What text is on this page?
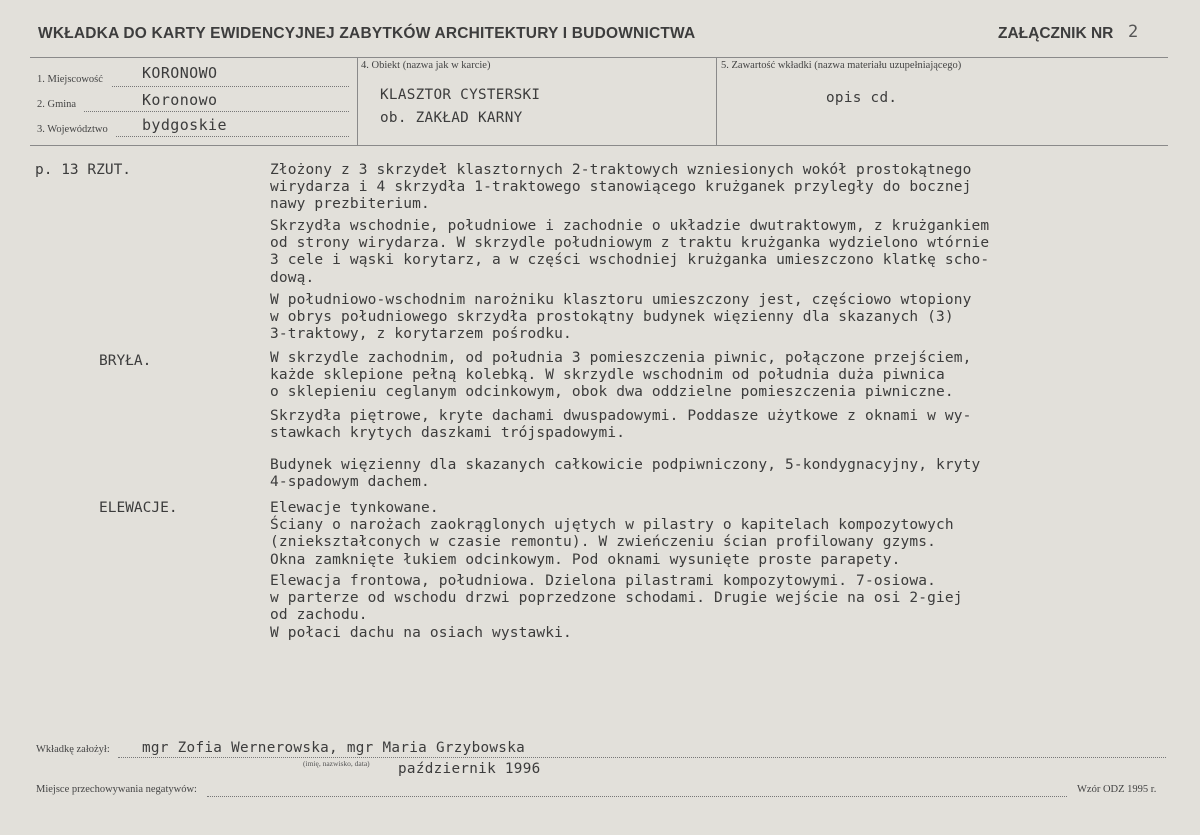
WKŁADKA DO KARTY EWIDENCYJNEJ ZABYTKÓW ARCHITEKTURY I BUDOWNICTWA	ZAŁĄCZNIK NR 2
1. Miejscowość	KORONOWO
2. Gmina	Koronowo
3. Województwo bydgoskie
4. Obiekt (nazwa jak w karcie)
KLASZTOR CYSTERSKI
ob. ZAKŁAD KARNY
5. Zawartość wkładki (nazwa materiału uzupełniającego)
opis cd.
p. 13 RZUT.	Złożony z 3 skrzydeł klasztornych 2-traktowych wzniesionych wokół prostokątnego
wirydarza i 4 skrzydła 1-traktowego stanowiącego krużganek przyległy do bocznej
nawy prezbiterium.
Skrzydła wschodnie, południowe i zachodnie o układzie dwutraktowym, z krużgankiem
od strony wirydarza. W skrzydle południowym z traktu krużganka wydzielono wtórnie
3 cele i wąski korytarz, a w części wschodniej krużganka umieszczono klatkę scho-
dową.
W południowo-wschodnim narożniku klasztoru umieszczony jest, częściowo wtopiony
w obrys południowego skrzydła prostokątny budynek więzienny dla skazanych (3)
3-traktowy, z korytarzem pośrodku.
BRYŁA.	W skrzydle zachodnim, od południa 3 pomieszczenia piwnic, połączone przejściem,
każde sklepione pełną kolebką. W skrzydle wschodnim od południa duża piwnica
o sklepieniu ceglanym odcinkowym, obok dwa oddzielne pomieszczenia piwniczne.
Skrzydła piętrowe, kryte dachami dwuspadowymi. Poddasze użytkowe z oknami w wy-
stawkach krytych daszkami trójspadowymi.
Budynek więzienny dla skazanych całkowicie podpiwniczony, 5-kondygnacyjny, kryty
4-spadowym dachem.
ELEWACJE.	Elewacje tynkowane.
Ściany o narożach zaokrąglonych ujętych w pilastry o kapitelach kompozytowych
(zniekształconych w czasie remontu). W zwieńczeniu ścian profilowany gzyms.
Okna zamknięte łukiem odcinkowym. Pod oknami wysunięte proste parapety.
Elewacja frontowa, południowa. Dzielona pilastrami kompozytowymi. 7-osiowa.
w parterze od wschodu drzwi poprzedzone schodami. Drugie wejście na osi 2-giej
od zachodu.
W połaci dachu na osiach wystawki.
Wkładkę założył: mgr Zofia Wernerowska, mgr Maria Grzybowska
(imię, nazwisko, data) październik 1996
Miejsce przechowywania negatywów:	Wzór ODZ 1995 r.
